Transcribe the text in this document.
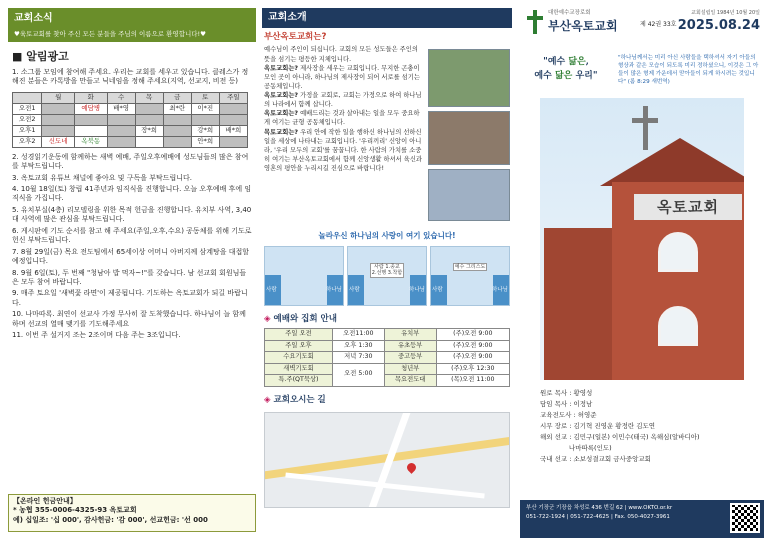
교회소식
♥육토교회를 찾아 주신 모든 분들을 주님의 이름으로 환영합니다!♥
■ 알림광고
1. 소그룹 모임에 참여해 주세요. 우리는 교회를 세우고 있습니다. 클레스가 정해진 분들은 카톡방을 만들고 닉네임을 정해 주세요(지역, 선교지, 비전 등)
	월	화	수	목	금	토	주일
오전1		예담병	배*영		최*란	이*진	
오전2							
오후1				장*희		강*희	배*희
오후2	신도네	옥북동				안*희	
2. 성경읽기운동에 함께하는 새벽 예배, 주일오후예배에 성도님들의 많은 참여를 부탁드립니다.
3. 옥토교회 유튜브 채널에 좋아요 및 구독을 부탁드립니다.
4. 10월 18일(토) 창립 41주년과 임직식을 진행합니다. 오늘 오후예배 후에 임직식을 가집니다.
5. 유치부실(4층) 리모델링을 위한 목적 헌금을 진행합니다. 유치부 사역, 3,40대 사역에 많은 관심을 부탁드립니다.
6. 게시판에 기도 순서를 참고 해 주세요(주일,오후,수요) 공동체를 위해 기도로 헌신 부탁드립니다.
7. 8월 29일(금) 목요 전도팀에서 65세이상 어머니 아버지께 삼계탕을 대접할 예정입니다.
8. 9월 6일(토), 두 번째 "청남아 밥 먹자~!"를 갖습니다. 남 선교회 회원님들은 모두 참여 바랍니다.
9. 매주 토요일 '새벽꽃 라면'이 제공됩니다. 기도하는 옥토교회가 되길 바랍니다.
10. 나마따록. 최연이 선교사 가정 무사히 잘 도착했습니다. 하나님이 늘 함께하며 선교의 열매 맺기를 기도해주세요
11. 이번 주 설거지 조는 2조이며 다음 주는 3조입니다.
【온라인 헌금안내】
* 농협 355-0006-4325-93 옥토교회
예) 십일조: '십 000', 감사헌금: '감 000', 선교헌금: '선 000
교회소개
부산옥토교회는?
예수님이 주인이 되십니다. 교회의 모든 성도들은 주인의 뜻을 섬기는 평등한 지체입니다.
옥토교회는? 제사장을 세우는 교회입니다. 무지한 곤충이 모인 곳이 아니라, 하나님의 제사장이 되어 서로를 섬기는 공동체입니다.
옥토교회는? 가정을 교회로, 교회는 가정으로 하여 하나님의 나라에서 함께 삽니다.
옥토교회는? 예배드리는 것과 살아내는 일을 모두 중요하게 여기는 균형 공동체입니다.
목토교회는? 우리 안에 작한 일을 행하신 하나님의 선하신 일을 세상에 나타내는 교회입니다. '우리끼리' 신앙이 아니라, '우리 모두의 교회'를 꿈꿉니다. 한 사람의 가치를 소중히 여기는 부산옥토교회에서 함께 신앙생활 하셔서 육신과 영혼의 평안을 누리시길 진심으로 바랍니다!
놀라우신 하나님의 사랑이 여기 있습니다!
사람	하나님 사람	하나님
사람 1.종교 2.선행 3.착함
사람	하나님
예수 그리스도
◈ 예배와 집회 안내
주일 오전	오전11:00	유치부	(주)오전 9:00
주일 오후	오후 1:30	유초등부	(주)오전 9:00
수요기도회	저녁 7:30	중고등부	(주)오전 9:00
새벽기도회	오전 5:00	청년부	(주)오후 12:30
특.주(QT묵상)		목요전도대	(목)오전 11:00
◈ 교회오시는 길
대한예수교장로회
부산옥토교회
교회설립일 1984년 10월 20일
제 42권 33호 2025.08.24
"예수 닮은,
예수 닮은 우리"
"하나님께서는 미리 아신 사람들을 택하셔서 자기 아들의 형상과 같은 모습이 되도록 미리 정하셨으니, 이것은 그 아들이 많은 형제 가운데서 맏아들이 되게 하시려는 것입니다" (롬 8:29 새번역)
옥토교회
원로 목사 : 황영성
담임 목사 : 이정남
교육전도사 : 허영준
시무 장로 : 김기혁 진영운 황정란 김도연
해외 선교 : 김민구(일본) 이민수(태국) 옥해심(알바디아)
나마따록(인도)
국내 선교 : 소보성결교회 금사중앙교회
부산 기장군 기장읍 차성로 436 번길 62 | www.OKTO.or.kr
051-722-1924 | 051-722-4625 | Fax. 050-4027-3961
